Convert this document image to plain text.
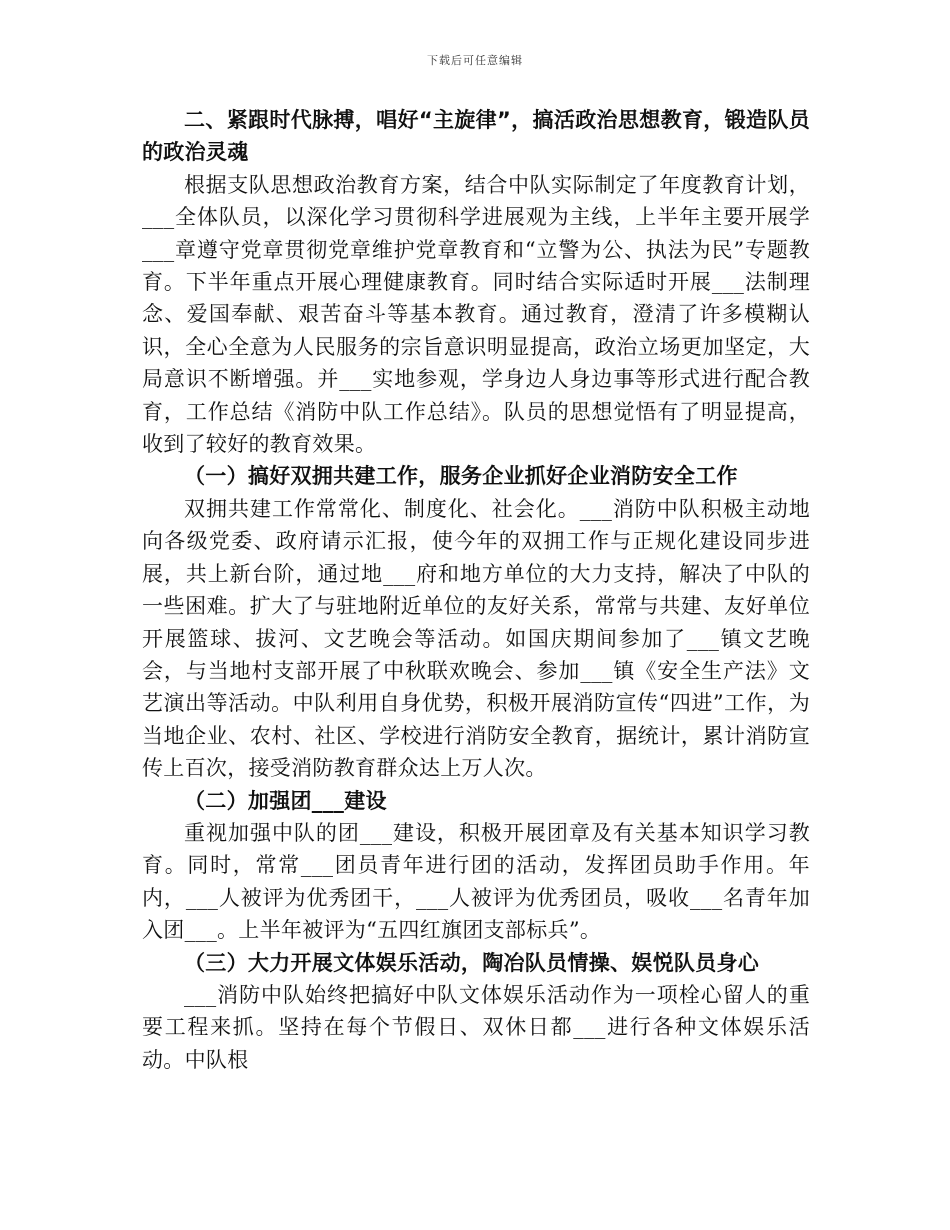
下载后可任意编辑

二、紧跟时代脉搏，唱好“主旋律”，搞活政治思想教育，锻造队员的政治灵魂

根据支队思想政治教育方案，结合中队实际制定了年度教育计划，___全体队员，以深化学习贯彻科学进展观为主线，上半年主要开展学___章遵守党章贯彻党章维护党章教育和“立警为公、执法为民”专题教育。下半年重点开展心理健康教育。同时结合实际适时开展___法制理念、爱国奉献、艰苦奋斗等基本教育。通过教育，澄清了许多模糊认识，全心全意为人民服务的宗旨意识明显提高，政治立场更加坚定，大局意识不断增强。并___实地参观，学身边人身边事等形式进行配合教育，工作总结《消防中队工作总结》。队员的思想觉悟有了明显提高，收到了较好的教育效果。

（一）搞好双拥共建工作，服务企业抓好企业消防安全工作

双拥共建工作常常化、制度化、社会化。___消防中队积极主动地向各级党委、政府请示汇报，使今年的双拥工作与正规化建设同步进展，共上新台阶，通过地___府和地方单位的大力支持，解决了中队的一些困难。扩大了与驻地附近单位的友好关系，常常与共建、友好单位开展篮球、拔河、文艺晚会等活动。如国庆期间参加了___镇文艺晚会，与当地村支部开展了中秋联欢晚会、参加___镇《安全生产法》文艺演出等活动。中队利用自身优势，积极开展消防宣传“四进”工作，为当地企业、农村、社区、学校进行消防安全教育，据统计，累计消防宣传上百次，接受消防教育群众达上万人次。

（二）加强团___建设

重视加强中队的团___建设，积极开展团章及有关基本知识学习教育。同时，常常___团员青年进行团的活动，发挥团员助手作用。年内，___人被评为优秀团干，___人被评为优秀团员，吸收___名青年加入团___。上半年被评为“五四红旗团支部标兵”。

（三）大力开展文体娱乐活动，陶冶队员情操、娱悦队员身心

___消防中队始终把搞好中队文体娱乐活动作为一项栓心留人的重要工程来抓。坚持在每个节假日、双休日都___进行各种文体娱乐活动。中队根
